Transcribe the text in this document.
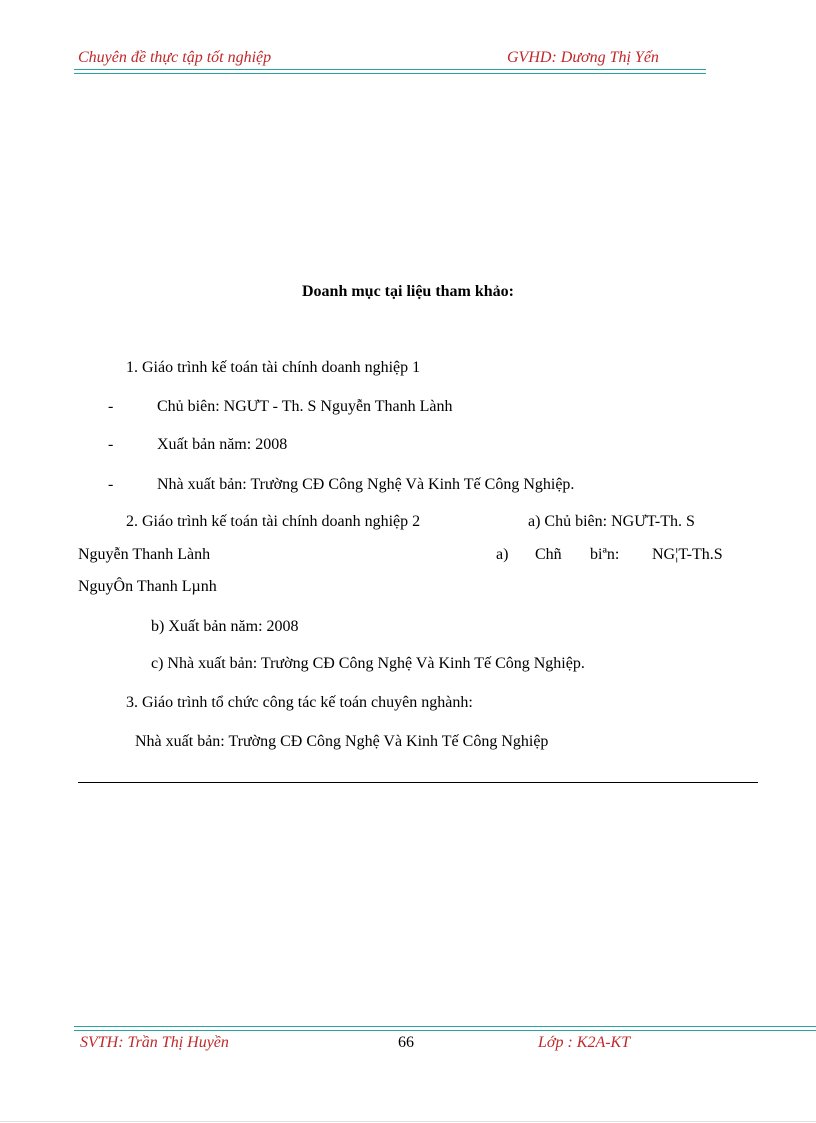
Chuyên đề thực tập tốt nghiệp	GVHD: Dương Thị Yến
Doanh mục tại liệu tham khảo:
1. Giáo trình kế toán tài chính doanh nghiệp 1
-	Chủ biên: NGƯT - Th. S Nguyễn Thanh Lành
-	Xuất bản năm: 2008
-	Nhà xuất bản: Trường CĐ Công Nghệ Và Kinh Tế Công Nghiệp.
2. Giáo trình kế toán tài chính doanh nghiệp 2	a) Chủ biên: NGƯT-Th. S
Nguyễn Thanh Lành	a) Chñ biªn: NG¦T-Th.S
NguyÔn Thanh Lµnh
b) Xuất bản năm: 2008
c) Nhà xuất bản: Trường CĐ Công Nghệ Và Kinh Tế Công Nghiệp.
3. Giáo trình tổ chức công tác kế toán chuyên nghành:
Nhà xuất bản: Trường CĐ Công Nghệ Và Kinh Tế Công Nghiệp
SVTH: Trần Thị Huyền	66	Lớp : K2A-KT
